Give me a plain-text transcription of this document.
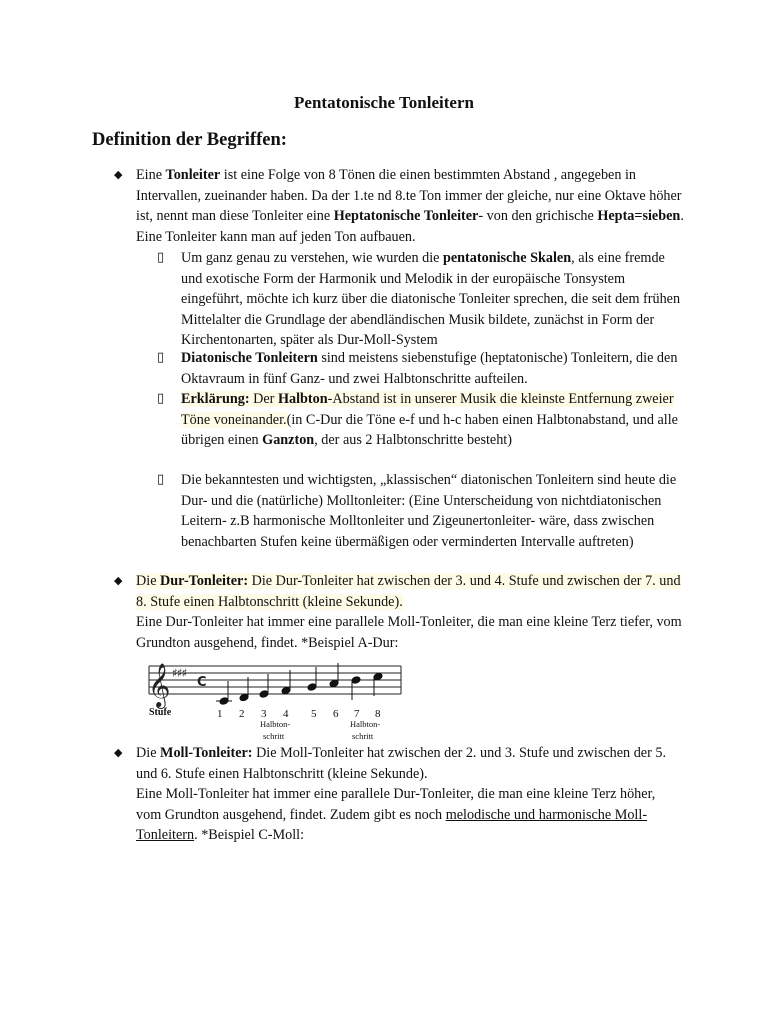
Pentatonische Tonleitern
Definition der Begriffen:
◆ Eine Tonleiter ist eine Folge von 8 Tönen die einen bestimmten Abstand , angegeben in Intervallen, zueinander haben. Da der 1.te nd 8.te Ton immer der gleiche, nur eine Oktave höher ist, nennt man diese Tonleiter eine Heptatonische Tonleiter- von den grichische Hepta=sieben. Eine Tonleiter kann man auf jeden Ton aufbauen.
▯ Um ganz genau zu verstehen, wie wurden die pentatonische Skalen, als eine fremde und exotische Form der Harmonik und Melodik in der europäische Tonsystem eingeführt, möchte ich kurz über die diatonische Tonleiter sprechen, die seit dem frühen Mittelalter die Grundlage der abendländischen Musik bildete, zunächst in Form der Kirchentonarten, später als Dur-Moll-System
▯ Diatonische Tonleitern sind meistens siebenstufige (heptatonische) Tonleitern, die den Oktavraum in fünf Ganz- und zwei Halbtonschritte aufteilen.
▯ Erklärung: Der Halbton-Abstand ist in unserer Musik die kleinste Entfernung zweier Töne voneinander.(in C-Dur die Töne e-f und h-c haben einen Halbtonabstand, und alle übrigen einen Ganzton, der aus 2 Halbtonschritte besteht)
▯ Die bekanntesten und wichtigsten, „klassischen“ diatonischen Tonleitern sind heute die Dur- und die (natürliche) Molltonleiter: (Eine Unterscheidung von nichtdiatonischen Leitern- z.B harmonische Molltonleiter und Zigeunertonleiter- wäre, dass zwischen benachbarten Stufen keine übermäßigen oder verminderten Intervalle auftreten)
◆ Die Dur-Tonleiter: Die Dur-Tonleiter hat zwischen der 3. und 4. Stufe und zwischen der 7. und 8. Stufe einen Halbtonschritt (kleine Sekunde).
Eine Dur-Tonleiter hat immer eine parallele Moll-Tonleiter, die man eine kleine Terz tiefer, vom Grundton ausgehend, findet. *Beispiel A-Dur:
𝄞 ♯♯♯
C
Stufe	1 2 3 4 5 6 7 8
Halbton-
schritt
Halbton-
schritt
◆ Die Moll-Tonleiter: Die Moll-Tonleiter hat zwischen der 2. und 3. Stufe und zwischen der 5. und 6. Stufe einen Halbtonschritt (kleine Sekunde).
Eine Moll-Tonleiter hat immer eine parallele Dur-Tonleiter, die man eine kleine Terz höher, vom Grundton ausgehend, findet. Zudem gibt es noch melodische und harmonische Moll-Tonleitern. *Beispiel C-Moll:
